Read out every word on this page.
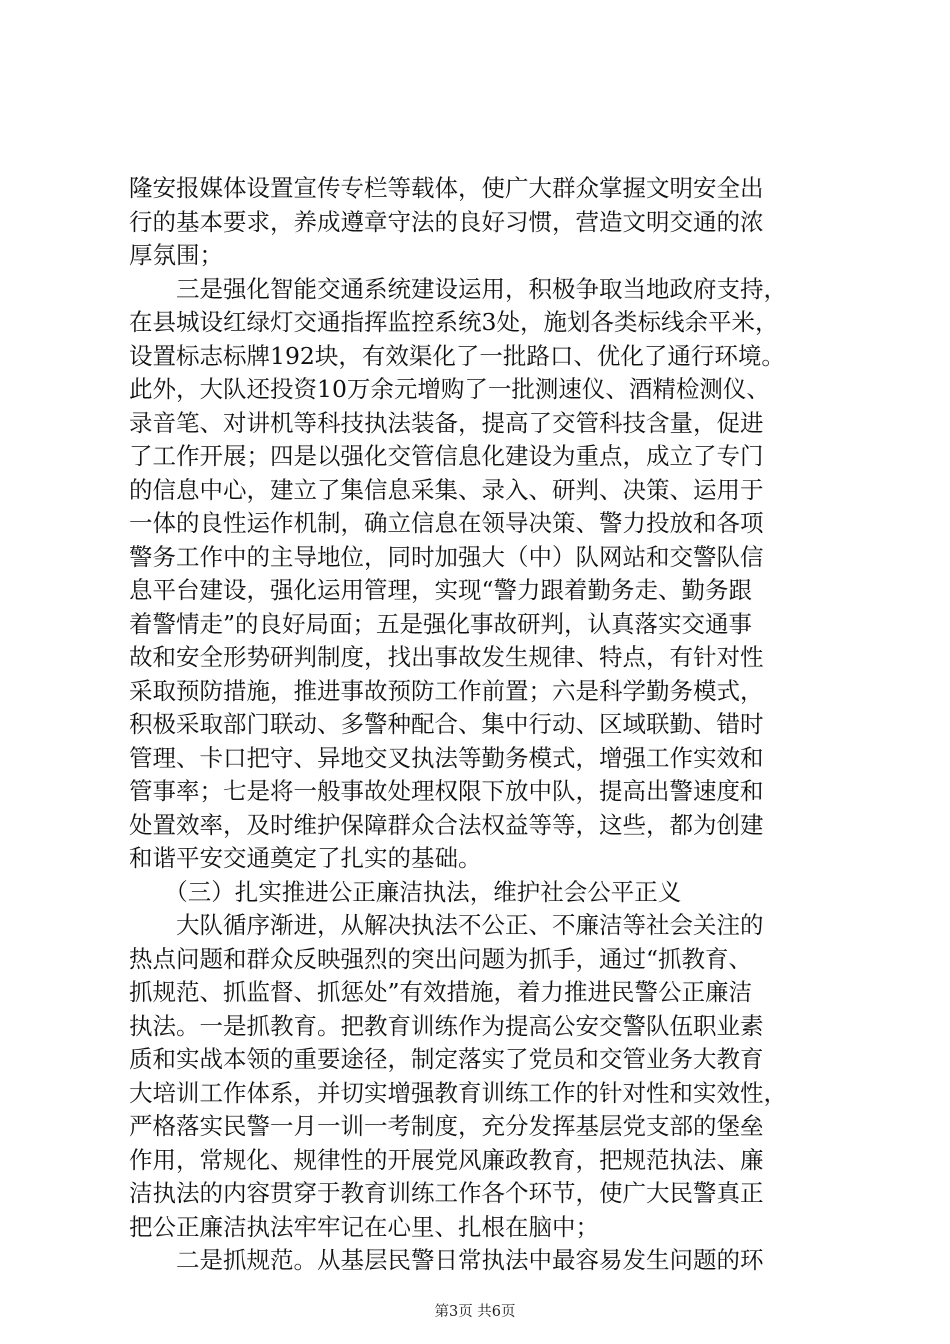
隆安报媒体设置宣传专栏等载体，使广大群众掌握文明安全出
行的基本要求，养成遵章守法的良好习惯，营造文明交通的浓
厚氛围；
　　三是强化智能交通系统建设运用，积极争取当地政府支持，
在县城设红绿灯交通指挥监控系统3处，施划各类标线余平米，
设置标志标牌192块，有效渠化了一批路口、优化了通行环境。
此外，大队还投资10万余元增购了一批测速仪、酒精检测仪、
录音笔、对讲机等科技执法装备，提高了交管科技含量，促进
了工作开展；四是以强化交管信息化建设为重点，成立了专门
的信息中心，建立了集信息采集、录入、研判、决策、运用于
一体的良性运作机制，确立信息在领导决策、警力投放和各项
警务工作中的主导地位，同时加强大（中）队网站和交警队信
息平台建设，强化运用管理，实现“警力跟着勤务走、勤务跟
着警情走”的良好局面；五是强化事故研判，认真落实交通事
故和安全形势研判制度，找出事故发生规律、特点，有针对性
采取预防措施，推进事故预防工作前置；六是科学勤务模式，
积极采取部门联动、多警种配合、集中行动、区域联勤、错时
管理、卡口把守、异地交叉执法等勤务模式，增强工作实效和
管事率；七是将一般事故处理权限下放中队，提高出警速度和
处置效率，及时维护保障群众合法权益等等，这些，都为创建
和谐平安交通奠定了扎实的基础。
　　（三）扎实推进公正廉洁执法，维护社会公平正义
　　大队循序渐进，从解决执法不公正、不廉洁等社会关注的
热点问题和群众反映强烈的突出问题为抓手，通过“抓教育、
抓规范、抓监督、抓惩处”有效措施，着力推进民警公正廉洁
执法。一是抓教育。把教育训练作为提高公安交警队伍职业素
质和实战本领的重要途径，制定落实了党员和交管业务大教育
大培训工作体系，并切实增强教育训练工作的针对性和实效性，
严格落实民警一月一训一考制度，充分发挥基层党支部的堡垒
作用，常规化、规律性的开展党风廉政教育，把规范执法、廉
洁执法的内容贯穿于教育训练工作各个环节，使广大民警真正
把公正廉洁执法牢牢记在心里、扎根在脑中；
　　二是抓规范。从基层民警日常执法中最容易发生问题的环
第3页 共6页
